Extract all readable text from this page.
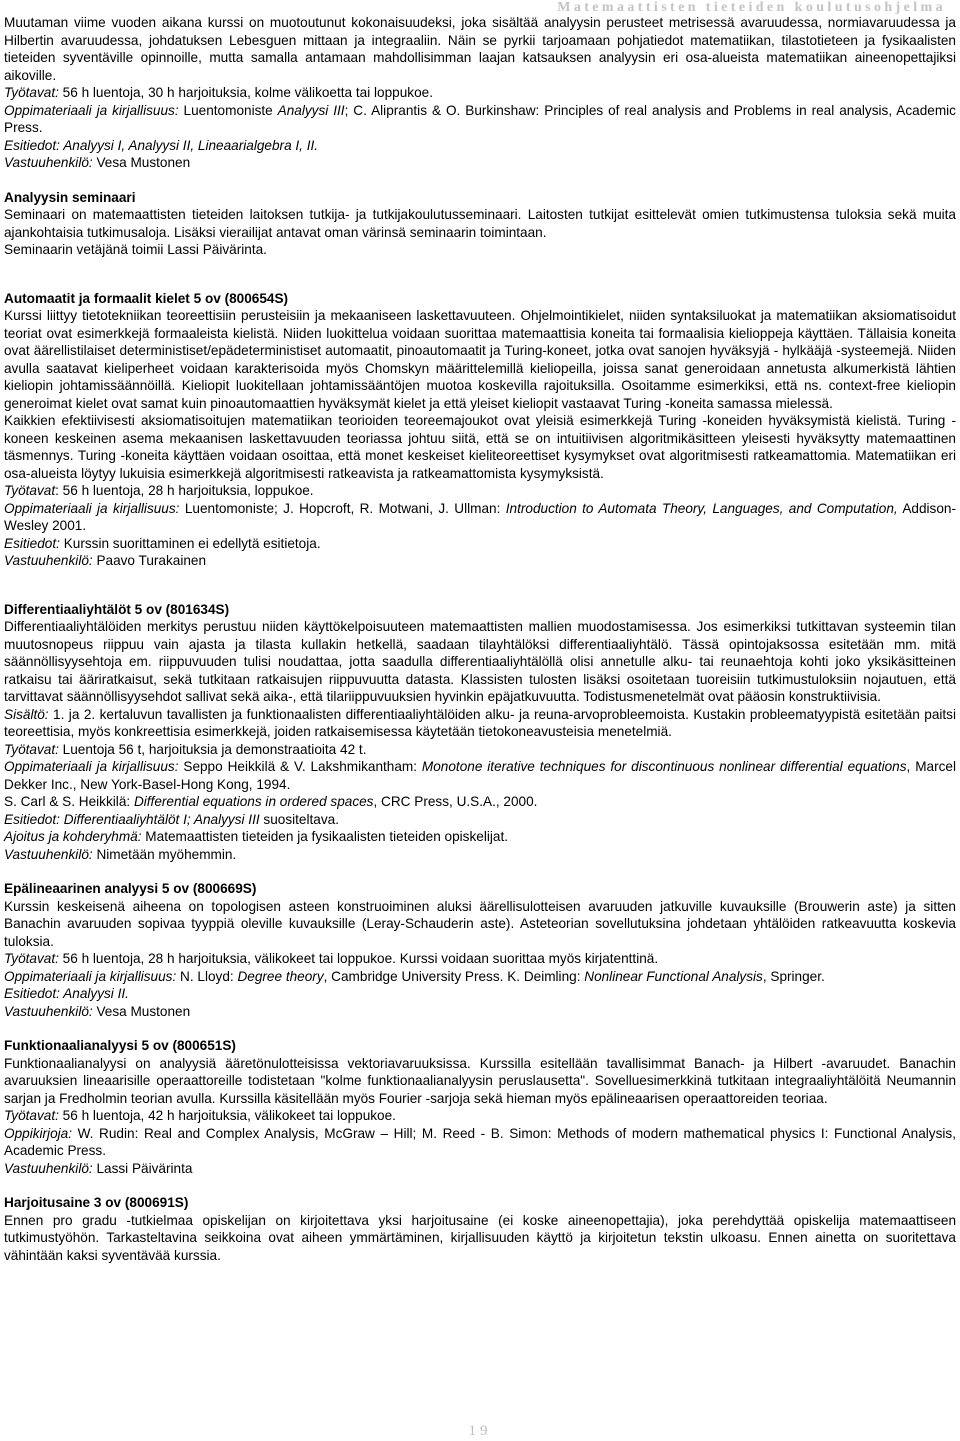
Matemaattisten tieteiden koulutusohjelma

Muutaman viime vuoden aikana kurssi on muotoutunut kokonaisuudeksi, joka sisältää analyysin perusteet metrisessä avaruudessa, normiavaruudessa ja Hilbertin avaruudessa, johdatuksen Lebesguen mittaan ja integraaliin. Näin se pyrkii tarjoamaan pohjatiedot matematiikan, tilastotieteen ja fysikaalisten tieteiden syventäville opinnoille, mutta samalla antamaan mahdollisimman laajan katsauksen analyysin eri osa-alueista matematiikan aineenopettajiksi aikoville.

Työtavat: 56 h luentoja, 30 h harjoituksia, kolme välikoetta tai loppukoe.

Oppimateriaali ja kirjallisuus: Luentomoniste Analyysi III; C. Aliprantis & O. Burkinshaw: Principles of real analysis and Problems in real analysis, Academic Press.

Esitiedot: Analyysi I, Analyysi II, Lineaarialgebra I, II.

Vastuuhenkilö: Vesa Mustonen

Analyysin seminaari

Seminaari on matemaattisten tieteiden laitoksen tutkija- ja tutkijakoulutusseminaari. Laitosten tutkijat esittelevät omien tutkimustensa tuloksia sekä muita ajankohtaisia tutkimusaloja. Lisäksi vierailijat antavat oman värinsä seminaarin toimintaan.

Seminaarin vetäjänä toimii Lassi Päivärinta.

Automaatit ja formaalit kielet 5 ov (800654S)

Kurssi liittyy tietotekniikan teoreettisiin perusteisiin ja mekaaniseen laskettavuuteen. Ohjelmointikielet, niiden syntaksiluokat ja matematiikan aksiomatisoidut teoriat ovat esimerkkejä formaaleista kielistä. Niiden luokittelua voidaan suorittaa matemaattisia koneita tai formaalisia kielioppeja käyttäen. Tällaisia koneita ovat äärellistilaiset deterministiset/epädeterministiset automaatit, pinoautomaatit ja Turing-koneet, jotka ovat sanojen hyväksyjä - hylkääjä -systeemejä. Niiden avulla saatavat kieliperheet voidaan karakterisoida myös Chomskyn määrittelemillä kieliopeilla, joissa sanat generoidaan annetusta alkumerkistä lähtien kieliopin johtamissäännöillä. Kieliopit luokitellaan johtamissääntöjen muotoa koskevilla rajoituksilla. Osoitamme esimerkiksi, että ns. context-free kieliopin generoimat kielet ovat samat kuin pinoautomaattien hyväksymät kielet ja että yleiset kieliopit vastaavat Turing -koneita samassa mielessä.

Kaikkien efektiivisesti aksiomatisoitujen matematiikan teorioiden teoreemajoukot ovat yleisiä esimerkkejä Turing -koneiden hyväksymistä kielistä. Turing -koneen keskeinen asema mekaanisen laskettavuuden teoriassa johtuu siitä, että se on intuitiivisen algoritmikäsitteen yleisesti hyväksytty matemaattinen täsmennys. Turing -koneita käyttäen voidaan osoittaa, että monet keskeiset kieliteoreettiset kysymykset ovat algoritmisesti ratkeamattomia. Matematiikan eri osa-alueista löytyy lukuisia esimerkkejä algoritmisesti ratkeavista ja ratkeamattomista kysymyksistä.

Työtavat: 56 h luentoja, 28 h harjoituksia, loppukoe.

Oppimateriaali ja kirjallisuus: Luentomoniste; J. Hopcroft, R. Motwani, J. Ullman: Introduction to Automata Theory, Languages, and Computation, Addison-Wesley 2001.

Esitiedot: Kurssin suorittaminen ei edellytä esitietoja.

Vastuuhenkilö: Paavo Turakainen

Differentiaaliyhtälöt 5 ov (801634S)

Differentiaaliyhtälöiden merkitys perustuu niiden käyttökelpoisuuteen matemaattisten mallien muodostamisessa. Jos esimerkiksi tutkittavan systeemin tilan muutosnopeus riippuu vain ajasta ja tilasta kullakin hetkellä, saadaan tilayhtälöksi differentiaaliyhtälö. Tässä opintojaksossa esitetään mm. mitä säännöllisyysehtoja em. riippuvuuden tulisi noudattaa, jotta saadulla differentiaaliyhtälöllä olisi annetulle alku- tai reunaehtoja kohti joko yksikäsitteinen ratkaisu tai ääriratkaisut, sekä tutkitaan ratkaisujen riippuvuutta datasta. Klassisten tulosten lisäksi osoitetaan tuoreisiin tutkimustuloksiin nojautuen, että tarvittavat säännöllisyysehdot sallivat sekä aika-, että tilariippuvuuksien hyvinkin epäjatkuvuutta. Todistusmenetelmät ovat pääosin konstruktiivisia.

Sisältö: 1. ja 2. kertaluvun tavallisten ja funktionaalisten differentiaaliyhtälöiden alku- ja reuna-arvoprobleemoista. Kustakin probleematyypistä esitetään paitsi teoreettisia, myös konkreettisia esimerkkejä, joiden ratkaisemisessa käytetään tietokoneavusteisia menetelmiä.

Työtavat: Luentoja 56 t, harjoituksia ja demonstraatioita 42 t.

Oppimateriaali ja kirjallisuus: Seppo Heikkilä & V. Lakshmikantham: Monotone iterative techniques for discontinuous nonlinear differential equations, Marcel Dekker Inc., New York-Basel-Hong Kong, 1994.

S. Carl & S. Heikkilä: Differential equations in ordered spaces, CRC Press, U.S.A., 2000.

Esitiedot: Differentiaaliyhtälöt I; Analyysi III suositeltava.

Ajoitus ja kohderyhmä: Matemaattisten tieteiden ja fysikaalisten tieteiden opiskelijat.

Vastuuhenkilö: Nimetään myöhemmin.

Epälineaarinen analyysi 5 ov (800669S)

Kurssin keskeisenä aiheena on topologisen asteen konstruoiminen aluksi äärellisulotteisen avaruuden jatkuville kuvauksille (Brouwerin aste) ja sitten Banachin avaruuden sopivaa tyyppiä oleville kuvauksille (Leray-Schauderin aste). Asteteorian sovellutuksina johdetaan yhtälöiden ratkeavuutta koskevia tuloksia.

Työtavat: 56 h luentoja, 28 h harjoituksia, välikokeet tai loppukoe. Kurssi voidaan suorittaa myös kirjatenttinä.

Oppimateriaali ja kirjallisuus: N. Lloyd: Degree theory, Cambridge University Press. K. Deimling: Nonlinear Functional Analysis, Springer.

Esitiedot: Analyysi II.

Vastuuhenkilö: Vesa Mustonen

Funktionaalianalyysi 5 ov (800651S)

Funktionaalianalyysi on analyysiä ääretönulotteisissa vektoriavaruuksissa. Kurssilla esitellään tavallisimmat Banach- ja Hilbert -avaruudet. Banachin avaruuksien lineaarisille operaattoreille todistetaan "kolme funktionaalianalyysin peruslausetta". Sovelluesimerkkinä tutkitaan integraaliyhtälöitä Neumannin sarjan ja Fredholmin teorian avulla. Kurssilla käsitellään myös Fourier -sarjoja sekä hieman myös epälineaarisen operaattoreiden teoriaa.

Työtavat: 56 h luentoja, 42 h harjoituksia, välikokeet tai loppukoe.

Oppikirjoja: W. Rudin: Real and Complex Analysis, McGraw – Hill; M. Reed - B. Simon: Methods of modern mathematical physics I: Functional Analysis, Academic Press.

Vastuuhenkilö: Lassi Päivärinta

Harjoitusaine 3 ov (800691S)

Ennen pro gradu -tutkielmaa opiskelijan on kirjoitettava yksi harjoitusaine (ei koske aineenopettajia), joka perehdyttää opiskelija matemaattiseen tutkimustyöhön. Tarkasteltavina seikkoina ovat aiheen ymmärtäminen, kirjallisuuden käyttö ja kirjoitetun tekstin ulkoasu. Ennen ainetta on suoritettava vähintään kaksi syventävää kurssia.

19
